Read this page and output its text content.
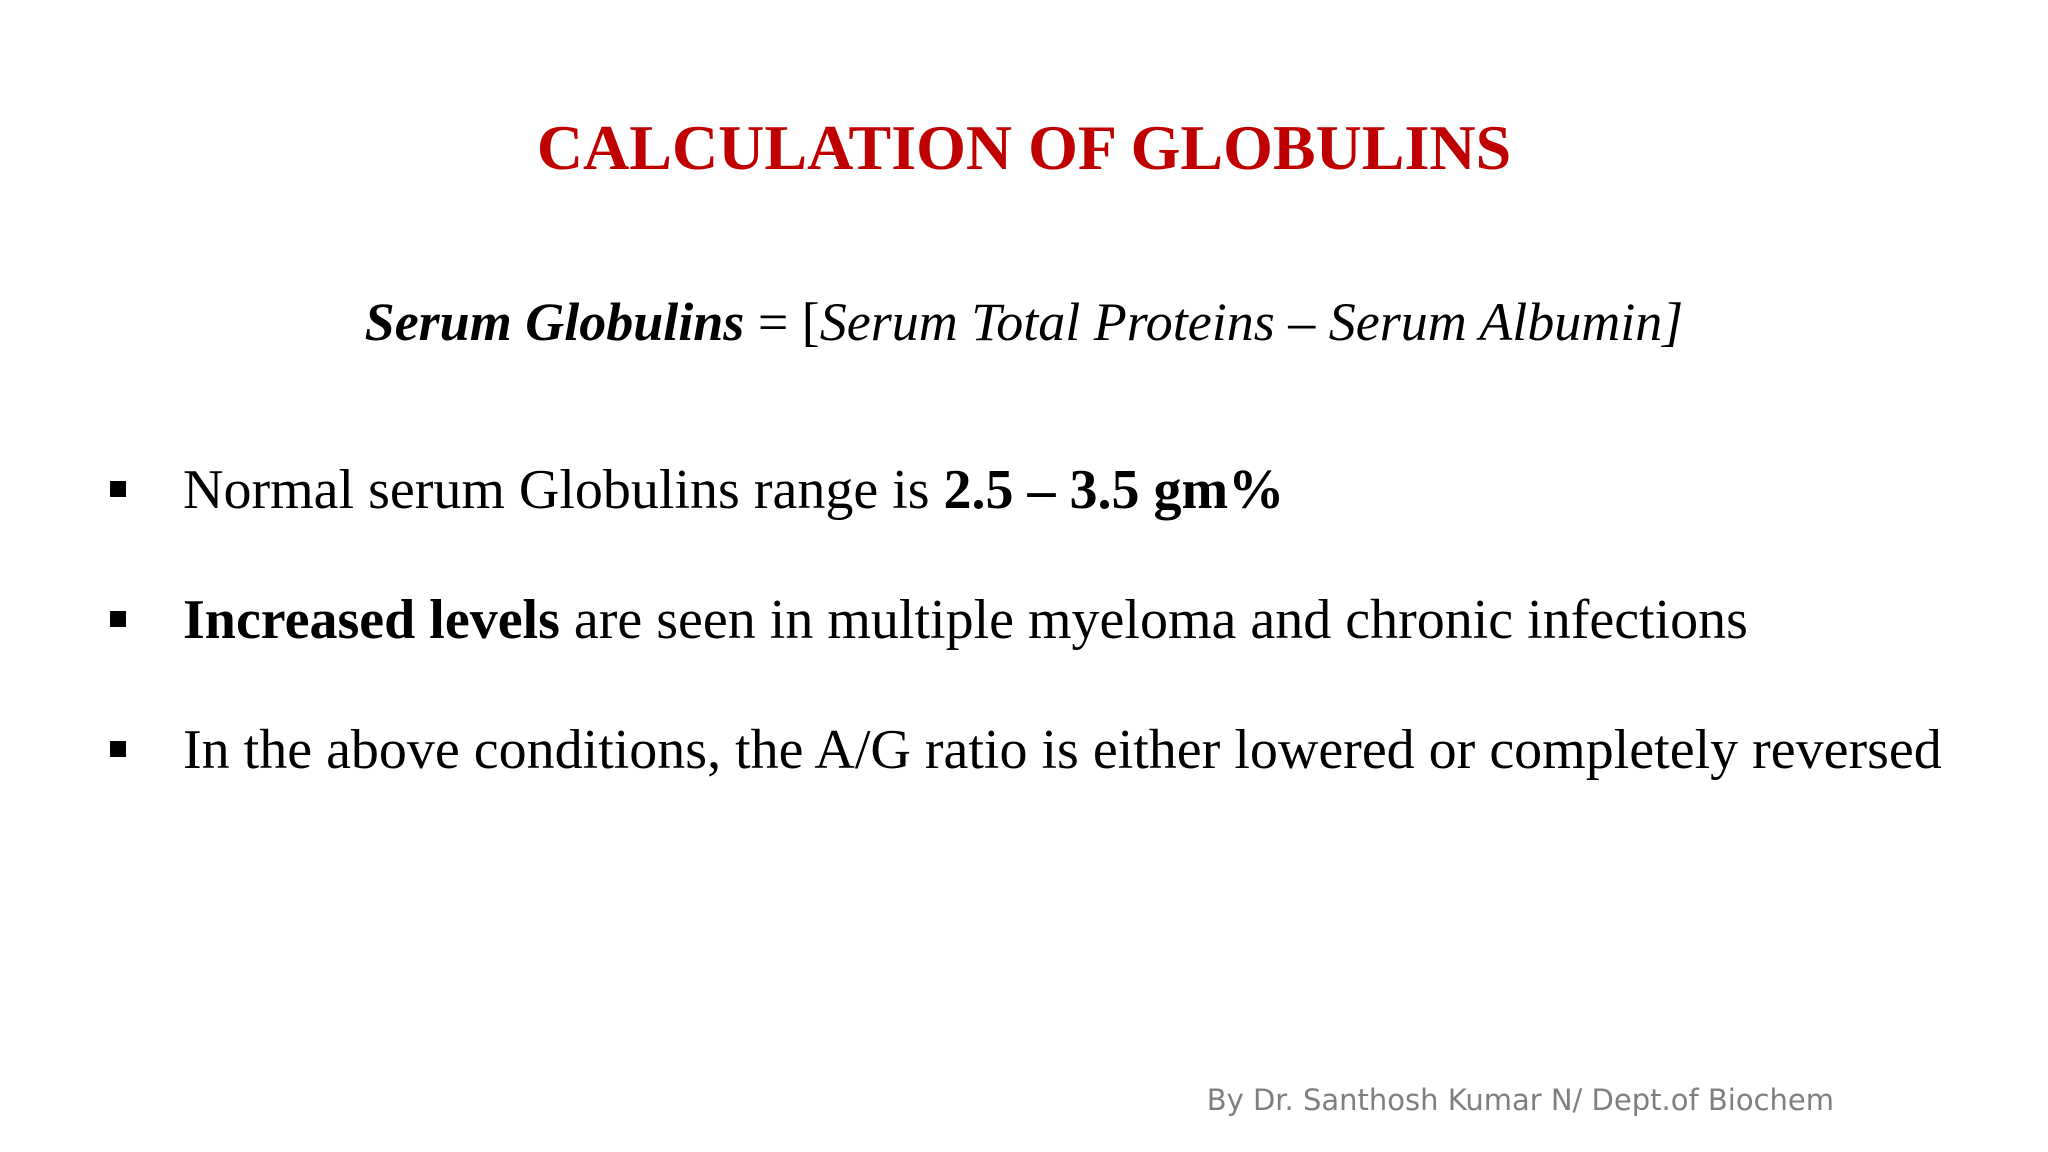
CALCULATION OF GLOBULINS
Serum Globulins = [Serum Total Proteins – Serum Albumin]
Normal serum Globulins range is 2.5 – 3.5 gm%
Increased levels are seen in multiple myeloma and chronic infections
In the above conditions, the A/G ratio is either lowered or completely reversed
By Dr. Santhosh Kumar N/ Dept.of Biochem
